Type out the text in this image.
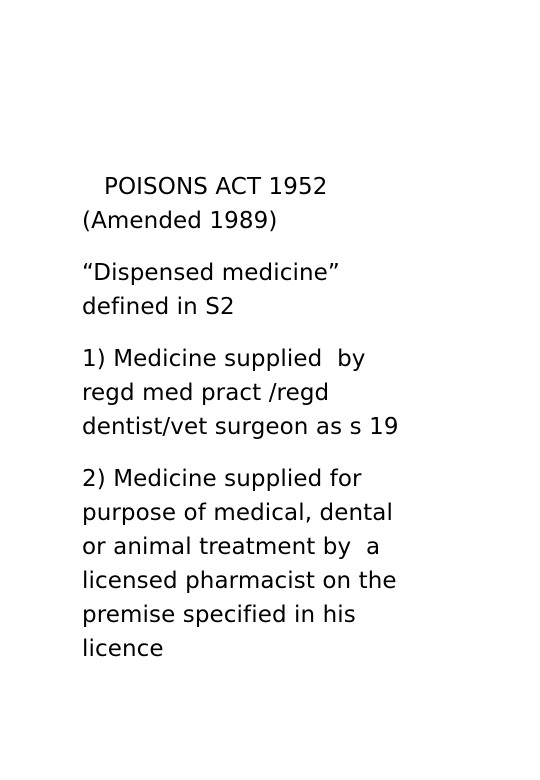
POISONS ACT 1952
(Amended 1989)
“Dispensed medicine”
defined in S2
1) Medicine supplied  by
regd med pract /regd
dentist/vet surgeon as s 19
2) Medicine supplied for
purpose of medical, dental
or animal treatment by  a
licensed pharmacist on the
premise specified in his
licence
